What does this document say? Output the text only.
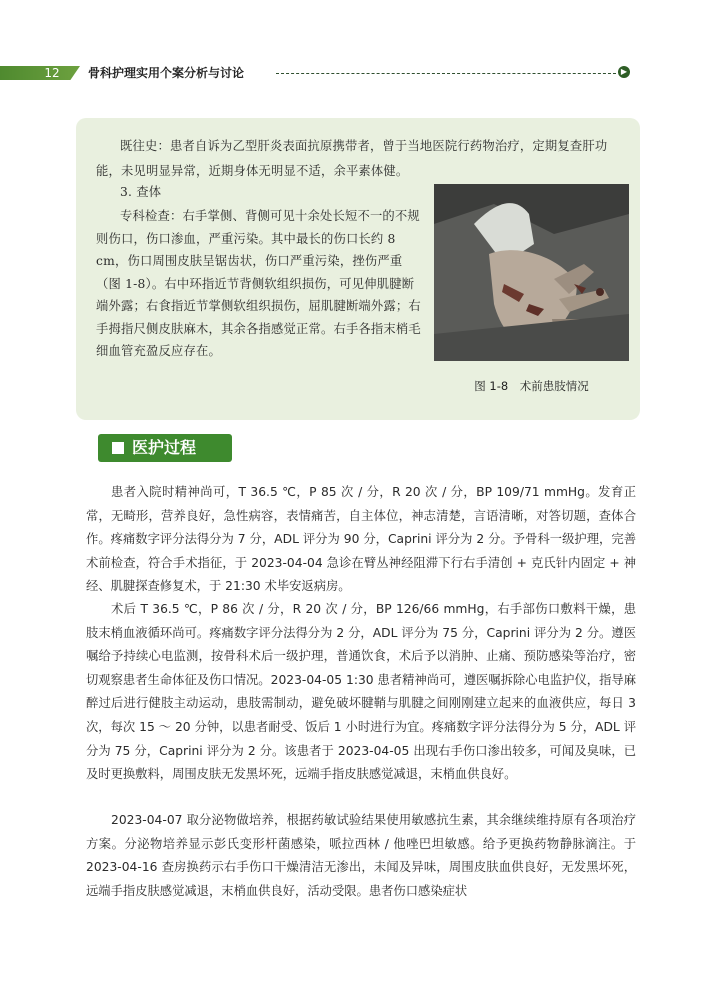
12	骨科护理实用个案分析与讨论	▶
既往史：患者自诉为乙型肝炎表面抗原携带者，曾于当地医院行药物治疗，定期复查肝功能，未见明显异常，近期身体无明显不适，余平素体健。
3. 查体
专科检查：右手掌侧、背侧可见十余处长短不一的不规则伤口，伤口渗血，严重污染。其中最长的伤口长约 8 cm，伤口周围皮肤呈锯齿状，伤口严重污染，挫伤严重（图 1-8）。右中环指近节背侧软组织损伤，可见伸肌腱断端外露；右食指近节掌侧软组织损伤，屈肌腱断端外露；右手拇指尺侧皮肤麻木，其余各指感觉正常。右手各指末梢毛细血管充盈反应存在。
图 1-8　术前患肢情况
医护过程

患者入院时精神尚可，T 36.5 ℃，P 85 次 / 分，R 20 次 / 分，BP 109/71 mmHg。发育正常，无畸形，营养良好，急性病容，表情痛苦，自主体位，神志清楚，言语清晰，对答切题，查体合作。疼痛数字评分法得分为 7 分，ADL 评分为 90 分，Caprini 评分为 2 分。予骨科一级护理，完善术前检查，符合手术指征，于 2023-04-04 急诊在臂丛神经阻滞下行右手清创 + 克氏针内固定 + 神经、肌腱探查修复术，于 21:30 术毕安返病房。

术后 T 36.5 ℃，P 86 次 / 分，R 20 次 / 分，BP 126/66 mmHg，右手部伤口敷料干燥，患肢末梢血液循环尚可。疼痛数字评分法得分为 2 分，ADL 评分为 75 分，Caprini 评分为 2 分。遵医嘱给予持续心电监测，按骨科术后一级护理，普通饮食，术后予以消肿、止痛、预防感染等治疗，密切观察患者生命体征及伤口情况。2023-04-05 1:30 患者精神尚可，遵医嘱拆除心电监护仪，指导麻醉过后进行健肢主动运动，患肢需制动，避免破坏腱鞘与肌腱之间刚刚建立起来的血液供应，每日 3 次，每次 15 ～ 20 分钟，以患者耐受、饭后 1 小时进行为宜。疼痛数字评分法得分为 5 分，ADL 评分为 75 分，Caprini 评分为 2 分。该患者于 2023-04-05 出现右手伤口渗出较多，可闻及臭味，已及时更换敷料，周围皮肤无发黑坏死，远端手指皮肤感觉减退，末梢血供良好。

2023-04-07 取分泌物做培养，根据药敏试验结果使用敏感抗生素，其余继续维持原有各项治疗方案。分泌物培养显示彭氏变形杆菌感染，哌拉西林 / 他唑巴坦敏感。给予更换药物静脉滴注。于 2023-04-16 查房换药示右手伤口干燥清洁无渗出，未闻及异味，周围皮肤血供良好，无发黑坏死，远端手指皮肤感觉减退，末梢血供良好，活动受限。患者伤口感染症状
